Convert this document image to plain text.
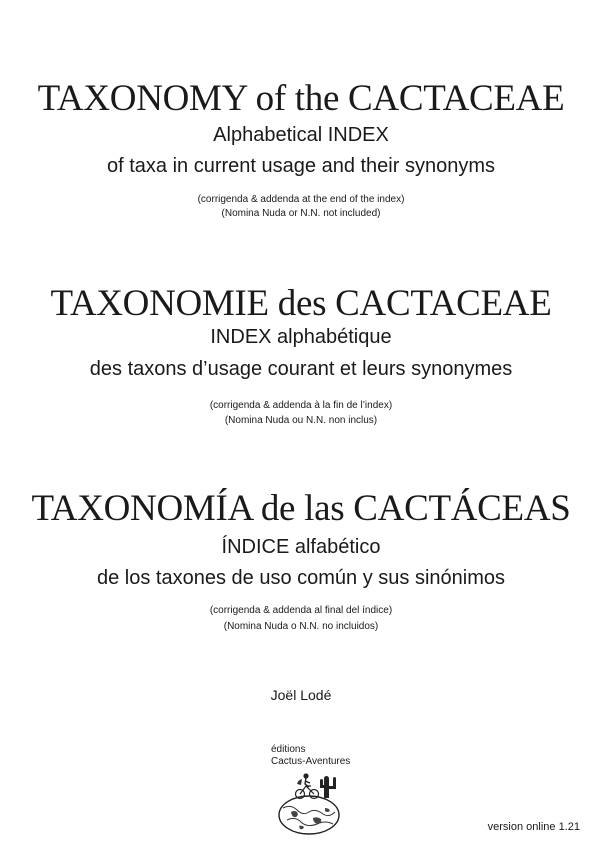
TAXONOMY of the CACTACEAE
Alphabetical INDEX
of taxa in current usage and their synonyms
(corrigenda & addenda at the end of the index)
(Nomina Nuda or N.N. not included)
TAXONOMIE des CACTACEAE
INDEX alphabétique
des taxons d’usage courant et leurs synonymes
(corrigenda & addenda à la fin de l’index)
(Nomina Nuda ou N.N. non inclus)
TAXONOMÍA de las CACTÁCEAS
ÍNDICE alfabético
de los taxones de uso común y sus sinónimos
(corrigenda & addenda al final del índice)
(Nomina Nuda o N.N. no incluidos)
Joël Lodé
éditions
Cactus-Aventures
version online 1.21
